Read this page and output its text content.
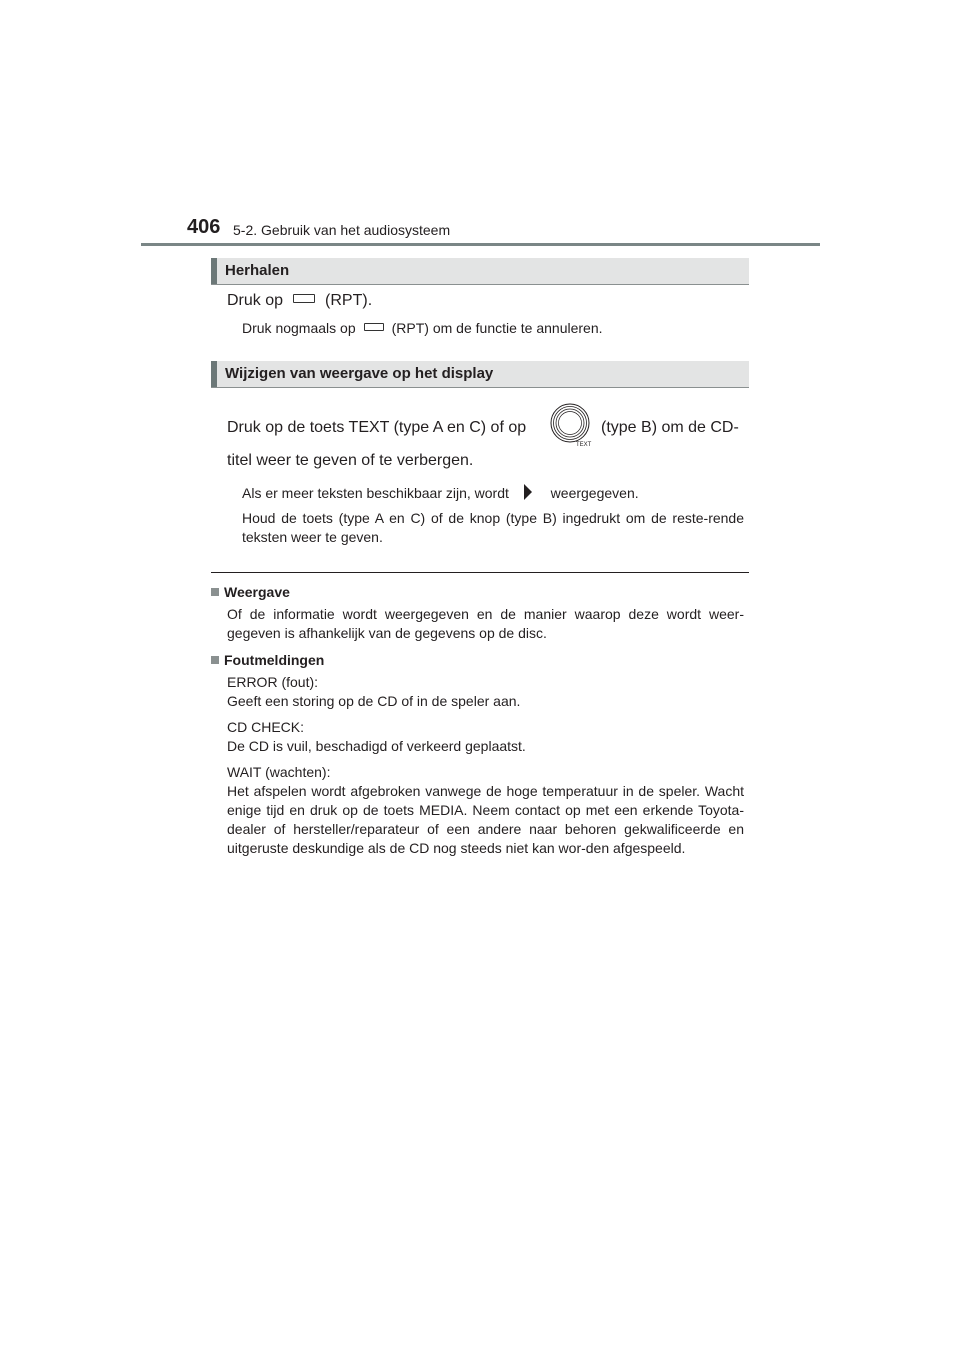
406 5-2. Gebruik van het audiosysteem
Herhalen
Druk op	(RPT).
Druk nogmaals op	(RPT) om de functie te annuleren.
Wijzigen van weergave op het display
Druk op de toets TEXT (type A en C) of op
TEXT
(type B) om de CD-
titel weer te geven of te verbergen.
Als er meer teksten beschikbaar zijn, wordt	weergegeven.
Houd de toets (type A en C) of de knop (type B) ingedrukt om de reste-rende teksten weer te geven.
Weergave
Of de informatie wordt weergegeven en de manier waarop deze wordt weer-gegeven is afhankelijk van de gegevens op de disc.
Foutmeldingen
ERROR (fout):
Geeft een storing op de CD of in de speler aan.
CD CHECK:
De CD is vuil, beschadigd of verkeerd geplaatst.
WAIT (wachten):
Het afspelen wordt afgebroken vanwege de hoge temperatuur in de speler. Wacht enige tijd en druk op de toets MEDIA. Neem contact op met een erkende Toyota-dealer of hersteller/reparateur of een andere naar behoren gekwalificeerde en uitgeruste deskundige als de CD nog steeds niet kan wor-den afgespeeld.
